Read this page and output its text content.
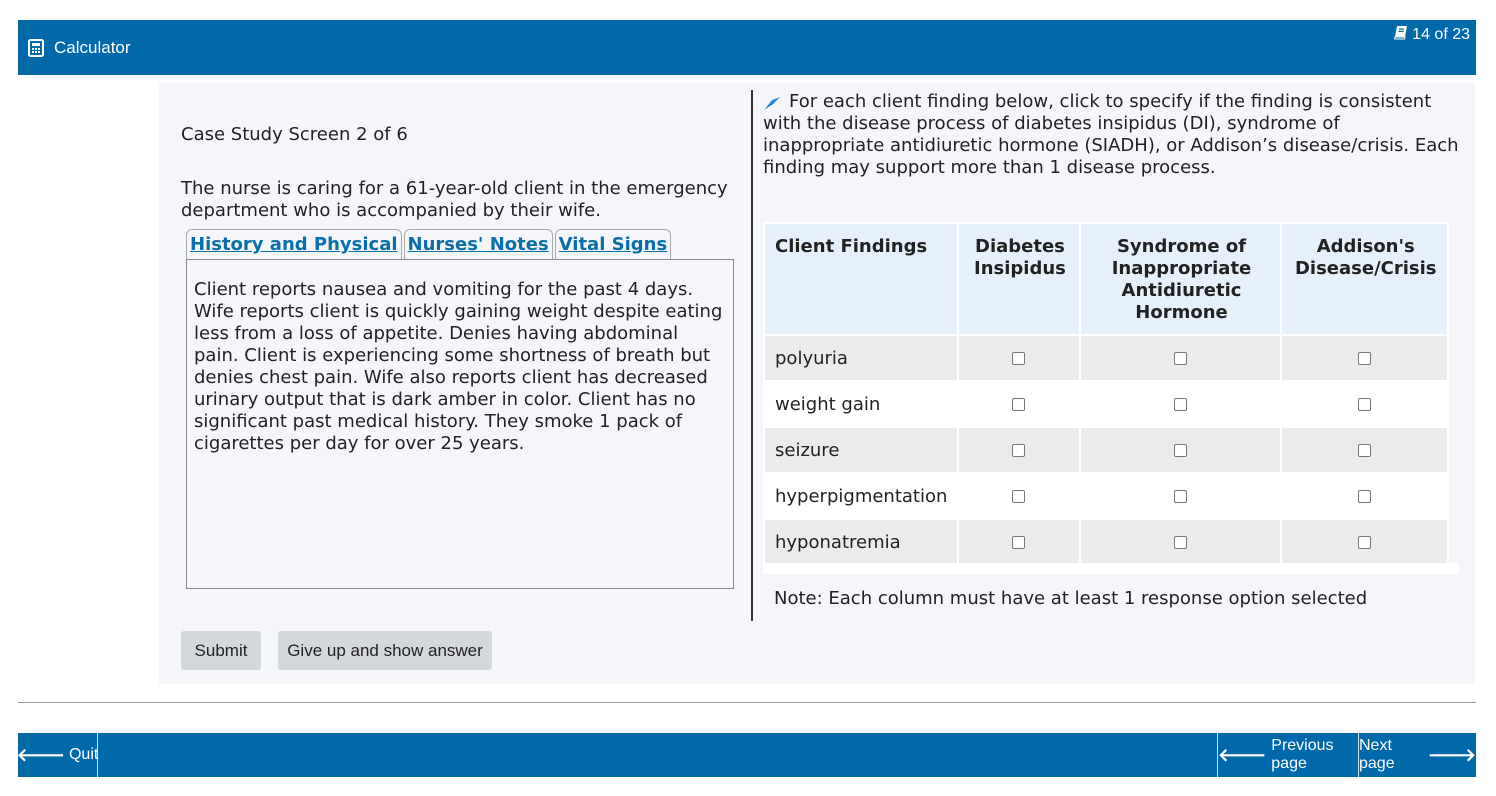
Calculator
14 of 23
Case Study Screen 2 of 6
The nurse is caring for a 61-year-old client in the emergency department who is accompanied by their wife.
History and Physical Nurses' Notes Vital Signs
Client reports nausea and vomiting for the past 4 days. Wife reports client is quickly gaining weight despite eating less from a loss of appetite. Denies having abdominal pain. Client is experiencing some shortness of breath but denies chest pain. Wife also reports client has decreased urinary output that is dark amber in color. Client has no significant past medical history. They smoke 1 pack of cigarettes per day for over 25 years.
For each client finding below, click to specify if the finding is consistent with the disease process of diabetes insipidus (DI), syndrome of inappropriate antidiuretic hormone (SIADH), or Addison’s disease/crisis. Each finding may support more than 1 disease process.
Client Findings	Diabetes Insipidus	Syndrome of Inappropriate Antidiuretic Hormone	Addison's Disease/Crisis
polyuria			
weight gain			
seizure			
hyperpigmentation			
hyponatremia			
Note: Each column must have at least 1 response option selected
Submit	Give up and show answer
🡐 Quit	🡐 Previous page
Next page	🡒
